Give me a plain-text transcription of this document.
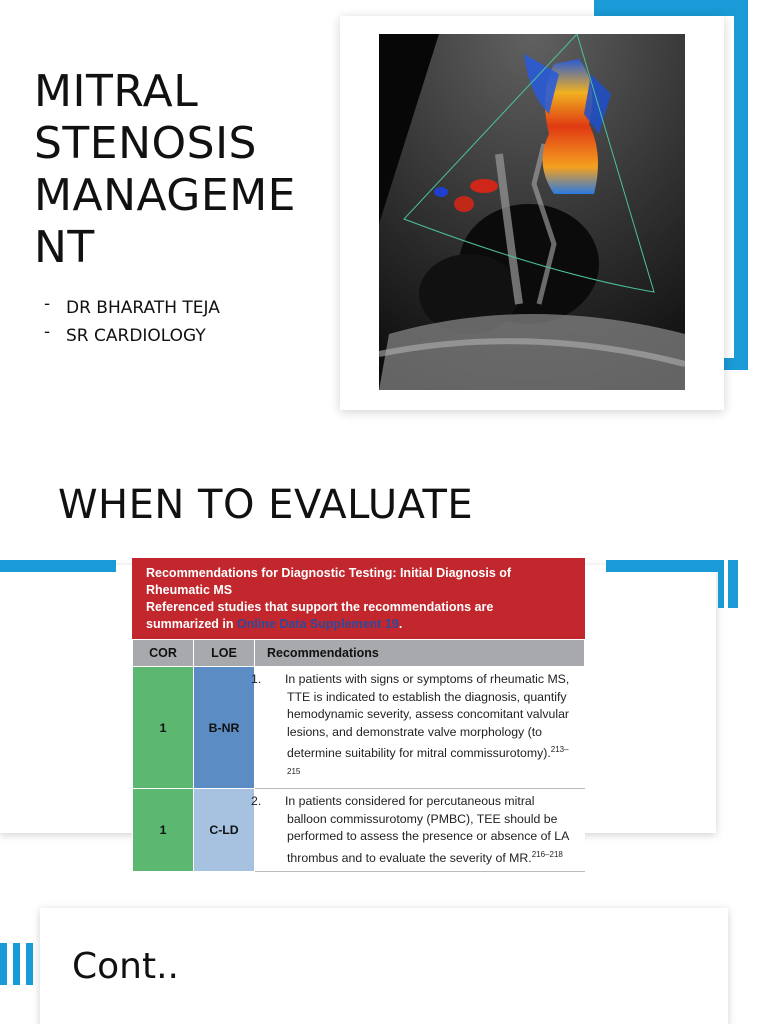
MITRAL
STENOSIS
MANAGEME
NT
- DR BHARATH TEJA
- SR CARDIOLOGY
WHEN TO EVALUATE
Recommendations for Diagnostic Testing: Initial Diagnosis of
Rheumatic MS
Referenced studies that support the recommendations are
summarized in Online Data Supplement 19.
COR	LOE	Recommendations
1	B-NR	1. In patients with signs or symptoms of rheumatic MS, TTE is indicated to establish the diagnosis, quantify hemodynamic severity, assess concomitant valvular lesions, and demonstrate valve morphology (to determine suitability for mitral commissurotomy).$^{213-215}$

1	C-LD	2. In patients considered for percutaneous mitral balloon commissurotomy (PMBC), TEE should be performed to assess the presence or absence of LA thrombus and to evaluate the severity of MR.$^{216-218}$
Cont..
